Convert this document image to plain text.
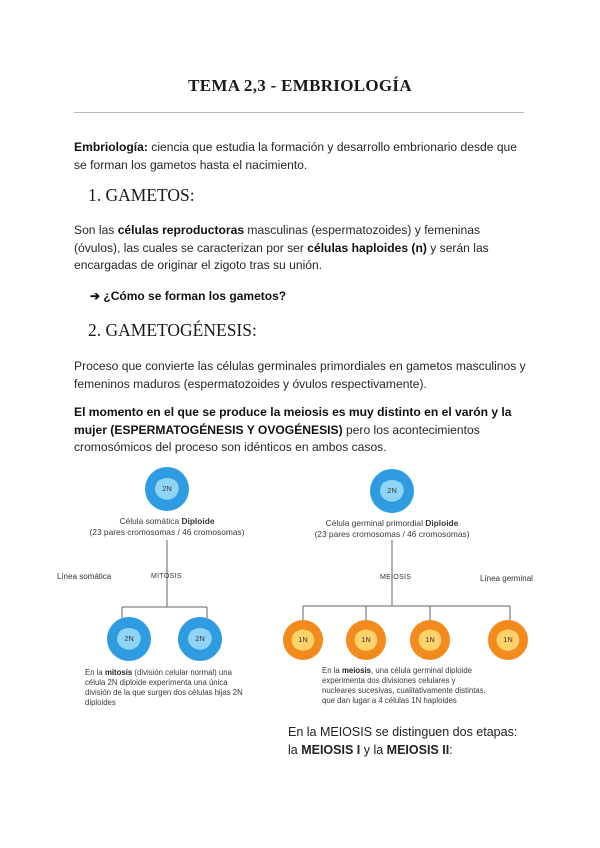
TEMA 2,3 - EMBRIOLOGÍA
Embriología: ciencia que estudia la formación y desarrollo embrionario desde que
se forman los gametos hasta el nacimiento.
1. GAMETOS:
Son las células reproductoras masculinas (espermatozoides) y femeninas
(óvulos), las cuales se caracterizan por ser células haploides (n) y serán las
encargadas de originar el zigoto tras su unión.
➔ ¿Cómo se forman los gametos?
2. GAMETOGÉNESIS:
Proceso que convierte las células germinales primordiales en gametos masculinos y
femeninos maduros (espermatozoides y óvulos respectivamente).
El momento en el que se produce la meiosis es muy distinto en el varón y la
mujer (ESPERMATOGÉNESIS Y OVOGÉNESIS) pero los acontecimientos
cromosómicos del proceso son idénticos en ambos casos.
2N
2N	2N
2N
1N	1N	1N	1N
Célula somática Diploide
(23 pares cromosomas / 46 cromosomas)
Línea somática	MITOSIS
En la mitosis (división celular normal) una
célula 2N diploide experimenta una única
división de la que surgen dos células hijas 2N
diploides
Célula germinal primordial Diploide
(23 pares cromosomas / 46 cromosomas)
MEIOSIS	Línea germinal
En la meiosis, una célula germinal diploide
experimenta dos divisiones celulares y
nucleares sucesivas, cualitativamente distintas,
que dan lugar a 4 células 1N haploides
En la MEIOSIS se distinguen dos etapas:
la MEIOSIS I y la MEIOSIS II:
